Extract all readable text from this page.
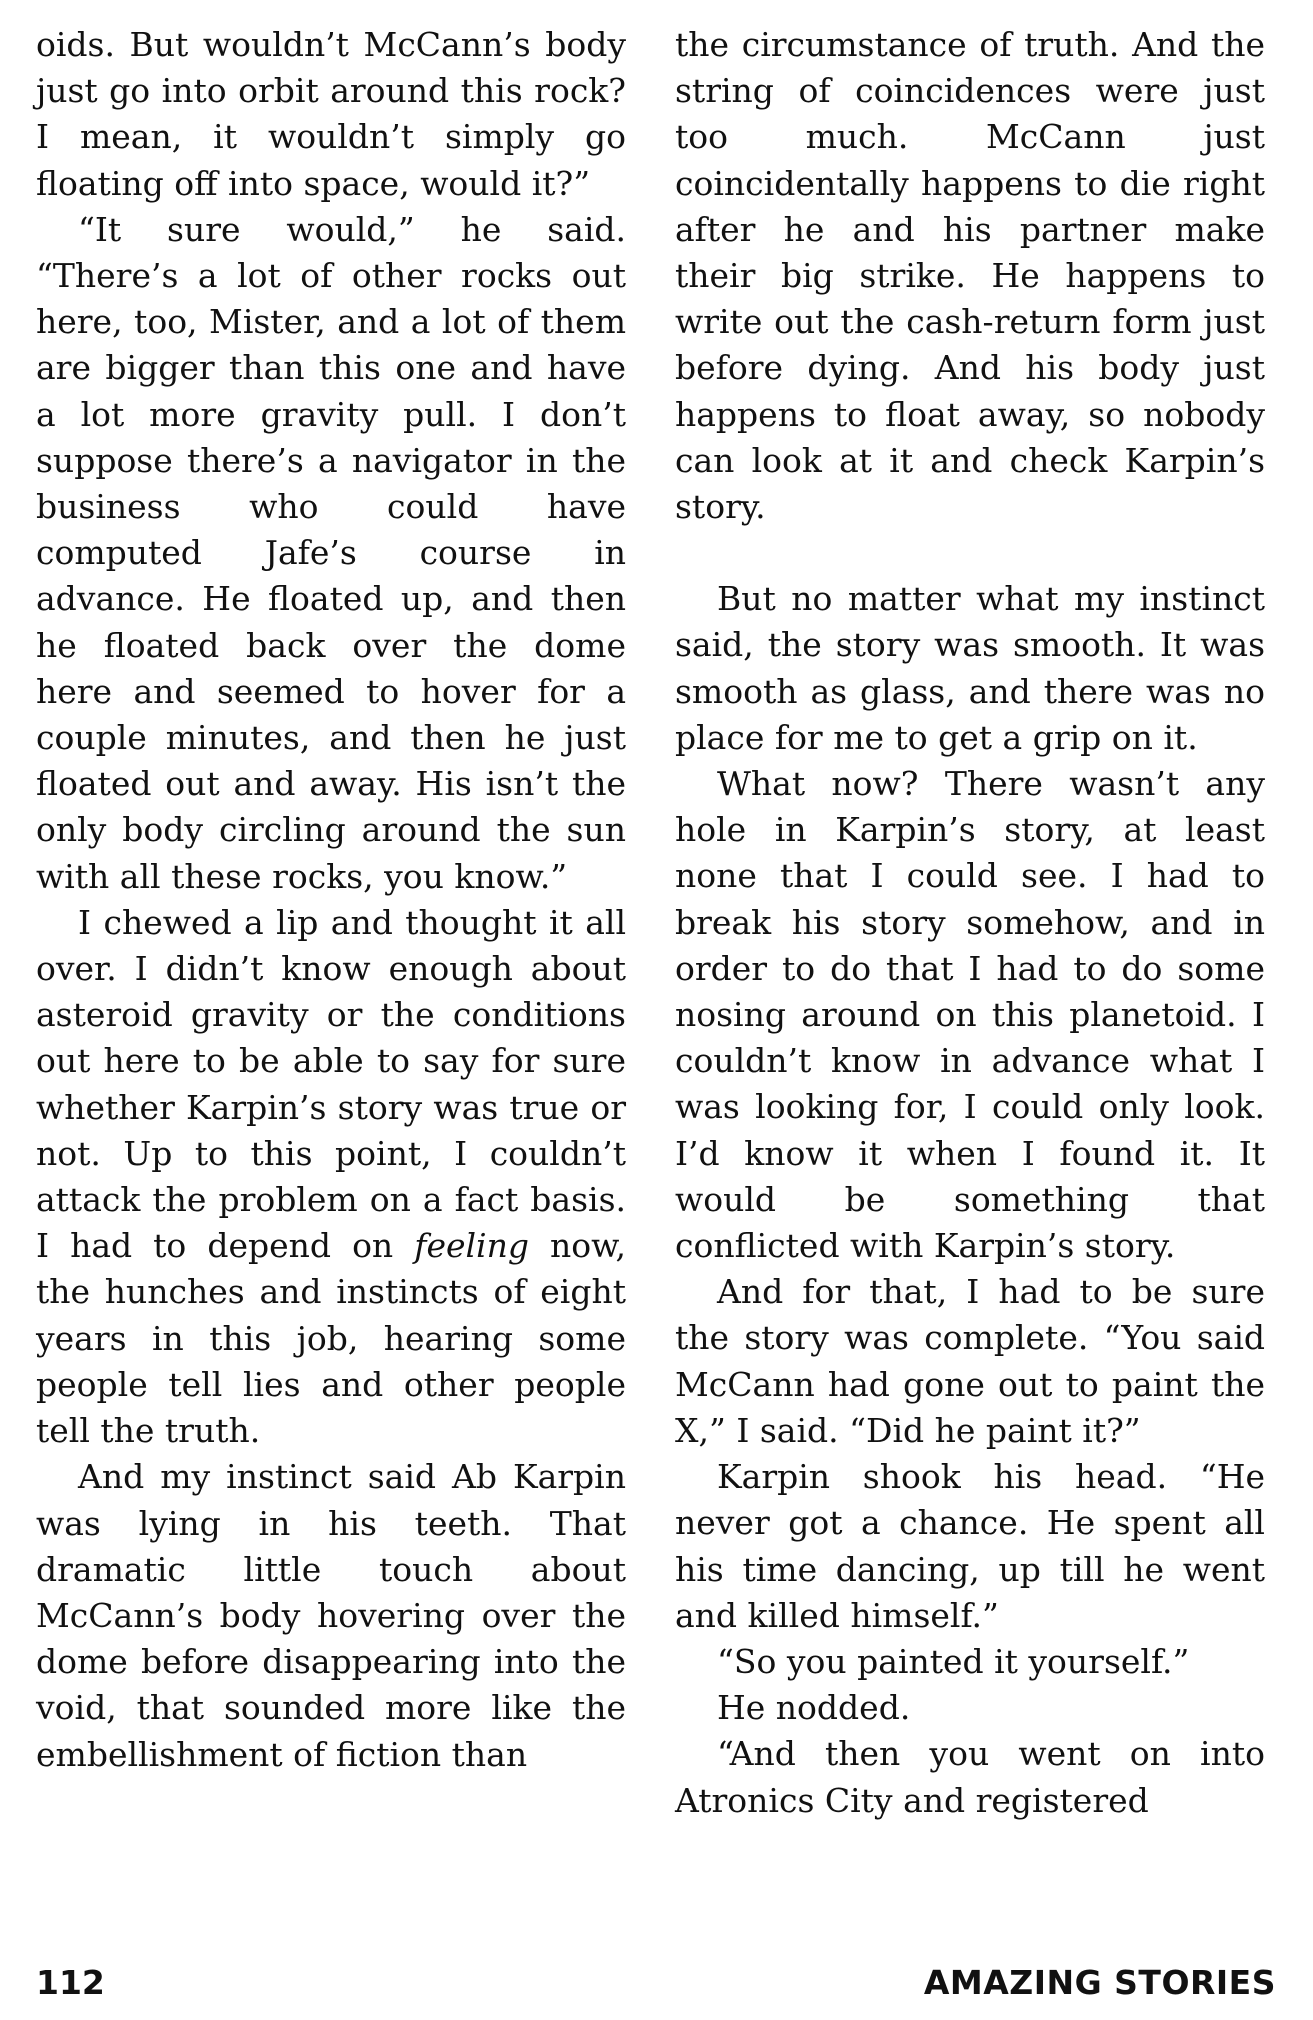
oids. But wouldn’t McCann’s body just go into orbit around this rock? I mean, it wouldn’t simply go floating off into space, would it?”

“It sure would,” he said. “There’s a lot of other rocks out here, too, Mister, and a lot of them are bigger than this one and have a lot more gravity pull. I don’t suppose there’s a navigator in the business who could have computed Jafe’s course in advance. He floated up, and then he floated back over the dome here and seemed to hover for a couple minutes, and then he just floated out and away. His isn’t the only body circling around the sun with all these rocks, you know.”

I chewed a lip and thought it all over. I didn’t know enough about asteroid gravity or the conditions out here to be able to say for sure whether Karpin’s story was true or not. Up to this point, I couldn’t attack the problem on a fact basis. I had to depend on feeling now, the hunches and instincts of eight years in this job, hearing some people tell lies and other people tell the truth.

And my instinct said Ab Karpin was lying in his teeth. That dramatic little touch about McCann’s body hovering over the dome before disappearing into the void, that sounded more like the embellishment of fiction than

the circumstance of truth. And the string of coincidences were just too much. McCann just coincidentally happens to die right after he and his partner make their big strike. He happens to write out the cash-return form just before dying. And his body just happens to float away, so nobody can look at it and check Karpin’s story.

But no matter what my instinct said, the story was smooth. It was smooth as glass, and there was no place for me to get a grip on it.

What now? There wasn’t any hole in Karpin’s story, at least none that I could see. I had to break his story somehow, and in order to do that I had to do some nosing around on this planetoid. I couldn’t know in advance what I was looking for, I could only look. I’d know it when I found it. It would be something that conflicted with Karpin’s story.

And for that, I had to be sure the story was complete. “You said McCann had gone out to paint the X,” I said. “Did he paint it?”

Karpin shook his head. “He never got a chance. He spent all his time dancing, up till he went and killed himself.”

“So you painted it yourself.”

He nodded.

“And then you went on into Atronics City and registered

112	AMAZING STORIES
